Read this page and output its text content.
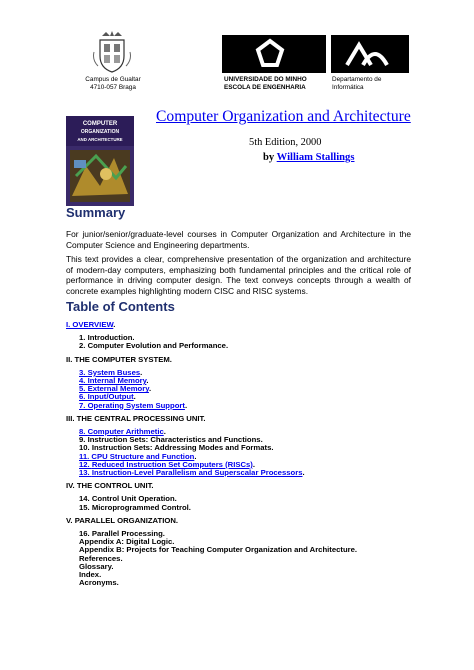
Campus de Gualtar
4710-057 Braga
UNIVERSIDADE DO MINHO
ESCOLA DE ENGENHARIA
Departamento de
Informática
COMPUTER
ORGANIZATION
AND ARCHITECTURE
Computer Organization and Architecture
5th Edition, 2000
by William Stallings
Summary
For junior/senior/graduate-level courses in Computer Organization and Architecture in the Computer Science and Engineering departments.
This text provides a clear, comprehensive presentation of the organization and architecture of modern-day computers, emphasizing both fundamental principles and the critical role of performance in driving computer design. The text conveys concepts through a wealth of concrete examples highlighting modern CISC and RISC systems.
Table of Contents
I. OVERVIEW.
1. Introduction.
2. Computer Evolution and Performance.
II. THE COMPUTER SYSTEM.
3. System Buses.
4. Internal Memory.
5. External Memory.
6. Input/Output.
7. Operating System Support.
III. THE CENTRAL PROCESSING UNIT.
8. Computer Arithmetic.
9. Instruction Sets: Characteristics and Functions.
10. Instruction Sets: Addressing Modes and Formats.
11. CPU Structure and Function.
12. Reduced Instruction Set Computers (RISCs).
13. Instruction-Level Parallelism and Superscalar Processors.
IV. THE CONTROL UNIT.
14. Control Unit Operation.
15. Microprogrammed Control.
V. PARALLEL ORGANIZATION.
16. Parallel Processing.
Appendix A: Digital Logic.
Appendix B: Projects for Teaching Computer Organization and Architecture.
References.
Glossary.
Index.
Acronyms.
